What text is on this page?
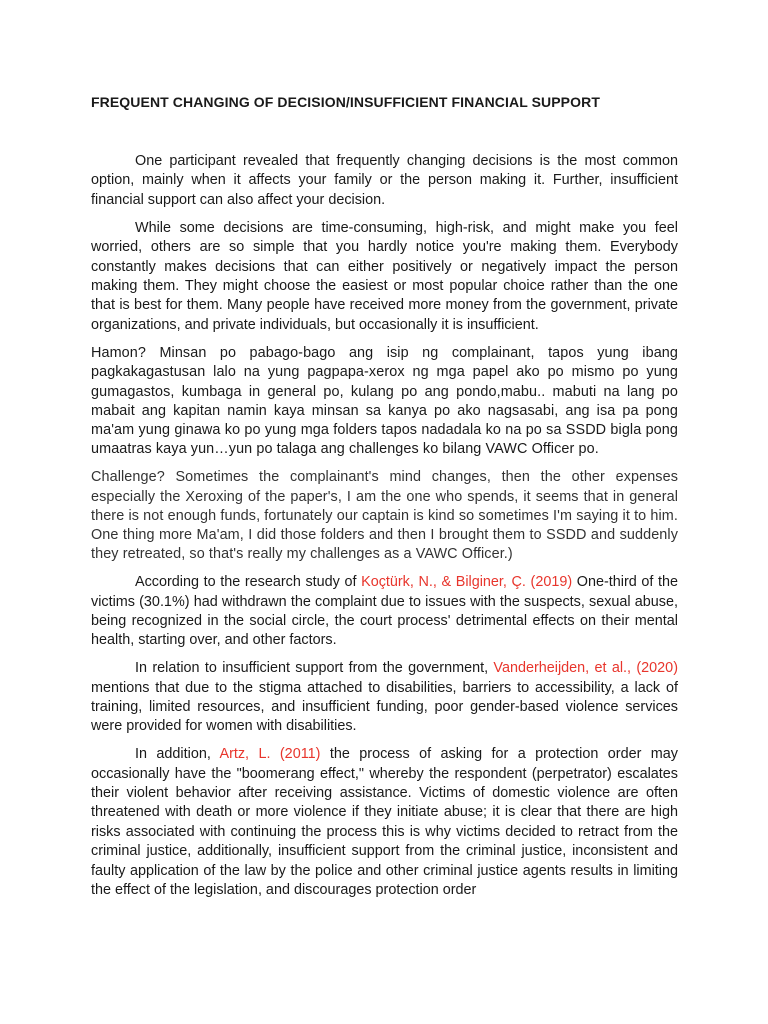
FREQUENT CHANGING OF DECISION/INSUFFICIENT FINANCIAL SUPPORT

One participant revealed that frequently changing decisions is the most common option, mainly when it affects your family or the person making it. Further, insufficient financial support can also affect your decision.

While some decisions are time-consuming, high-risk, and might make you feel worried, others are so simple that you hardly notice you're making them. Everybody constantly makes decisions that can either positively or negatively impact the person making them. They might choose the easiest or most popular choice rather than the one that is best for them. Many people have received more money from the government, private organizations, and private individuals, but occasionally it is insufficient.

Hamon? Minsan po pabago-bago ang isip ng complainant, tapos yung ibang pagkakagastusan lalo na yung pagpapa-xerox ng mga papel ako po mismo po yung gumagastos, kumbaga in general po, kulang po ang pondo,mabu.. mabuti na lang po mabait ang kapitan namin kaya minsan sa kanya po ako nagsasabi, ang isa pa pong ma'am yung ginawa ko po yung mga folders tapos nadadala ko na po sa SSDD bigla pong umaatras kaya yun…yun po talaga ang challenges ko bilang VAWC Officer po.

Challenge? Sometimes the complainant's mind changes, then the other expenses especially the Xeroxing of the paper's, I am the one who spends, it seems that in general there is not enough funds, fortunately our captain is kind so sometimes I'm saying it to him. One thing more Ma'am, I did those folders and then I brought them to SSDD and suddenly they retreated, so that's really my challenges as a VAWC Officer.)

According to the research study of Koçtürk, N., & Bilginer, Ç. (2019) One-third of the victims (30.1%) had withdrawn the complaint due to issues with the suspects, sexual abuse, being recognized in the social circle, the court process' detrimental effects on their mental health, starting over, and other factors.

In relation to insufficient support from the government, Vanderheijden, et al., (2020) mentions that due to the stigma attached to disabilities, barriers to accessibility, a lack of training, limited resources, and insufficient funding, poor gender-based violence services were provided for women with disabilities.

In addition, Artz, L. (2011) the process of asking for a protection order may occasionally have the "boomerang effect," whereby the respondent (perpetrator) escalates their violent behavior after receiving assistance. Victims of domestic violence are often threatened with death or more violence if they initiate abuse; it is clear that there are high risks associated with continuing the process this is why victims decided to retract from the criminal justice, additionally, insufficient support from the criminal justice, inconsistent and faulty application of the law by the police and other criminal justice agents results in limiting the effect of the legislation, and discourages protection order
